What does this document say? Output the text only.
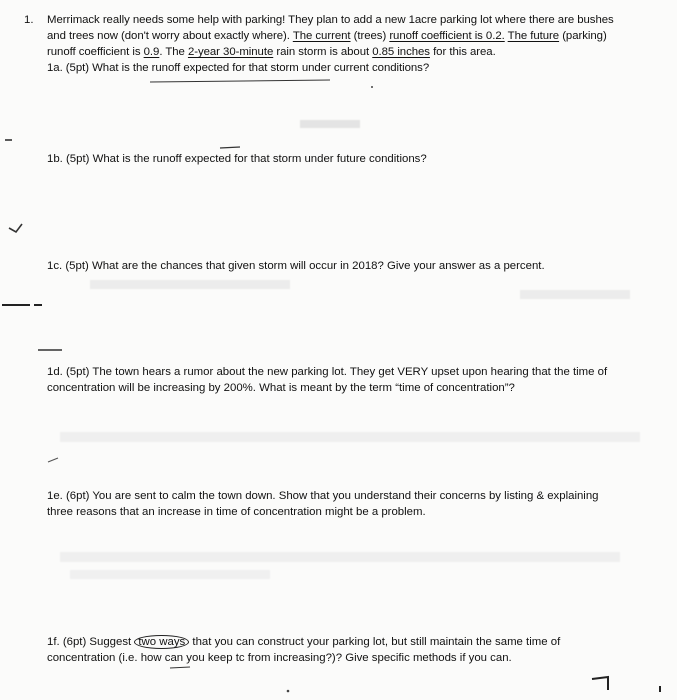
1. Merrimack really needs some help with parking! They plan to add a new 1acre parking lot where there are bushes
and trees now (don't worry about exactly where). The current (trees) runoff coefficient is 0.2. The future (parking)
runoff coefficient is 0.9. The 2-year 30-minute rain storm is about 0.85 inches for this area.
1a. (5pt) What is the runoff expected for that storm under current conditions?
1b. (5pt) What is the runoff expected for that storm under future conditions?
1c. (5pt) What are the chances that given storm will occur in 2018? Give your answer as a percent.
1d. (5pt) The town hears a rumor about the new parking lot. They get VERY upset upon hearing that the time of
concentration will be increasing by 200%. What is meant by the term “time of concentration”?
1e. (6pt) You are sent to calm the town down. Show that you understand their concerns by listing & explaining
three reasons that an increase in time of concentration might be a problem.
1f. (6pt) Suggest two ways that you can construct your parking lot, but still maintain the same time of
concentration (i.e. how can you keep tc from increasing?)? Give specific methods if you can.
